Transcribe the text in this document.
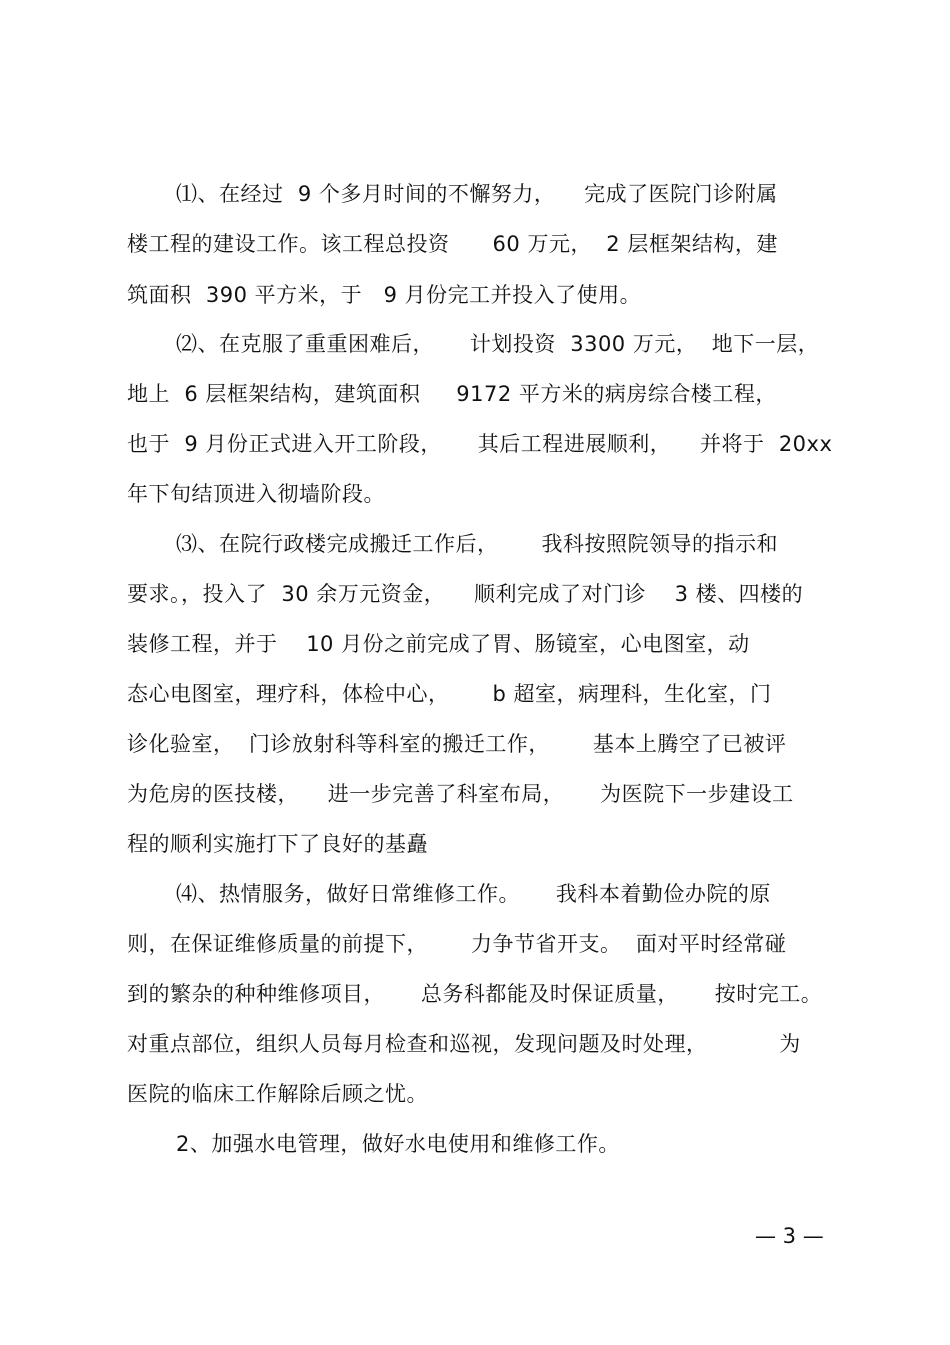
⑴、在经过  9 个多月时间的不懈努力，    完成了医院门诊附属
楼工程的建设工作。该工程总投资      60 万元，  2 层框架结构，建
筑面积  390 平方米，于   9 月份完工并投入了使用。
⑵、在克服了重重困难后，     计划投资  3300 万元，  地下一层，
地上  6 层框架结构，建筑面积     9172 平方米的病房综合楼工程，
也于  9 月份正式进入开工阶段，     其后工程进展顺利，    并将于  20xx
年下旬结顶进入彻墙阶段。
⑶、在院行政楼完成搬迁工作后，      我科按照院领导的指示和
要求。，投入了  30 余万元资金，    顺利完成了对门诊    3 楼、四楼的
装修工程，并于    10 月份之前完成了胃、肠镜室，心电图室，动
态心电图室，理疗科，体检中心，      b 超室，病理科，生化室，门
诊化验室，  门诊放射科等科室的搬迁工作，      基本上腾空了已被评
为危房的医技楼，    进一步完善了科室布局，     为医院下一步建设工
程的顺利实施打下了良好的基矗
⑷、热情服务，做好日常维修工作。     我科本着勤俭办院的原
则，在保证维修质量的前提下，      力争节省开支。  面对平时经常碰
到的繁杂的种种维修项目，     总务科都能及时保证质量，     按时完工。
对重点部位，组织人员每月检查和巡视，发现问题及时处理，          为
医院的临床工作解除后顾之忧。
2、加强水电管理，做好水电使用和维修工作。
— 3 —
